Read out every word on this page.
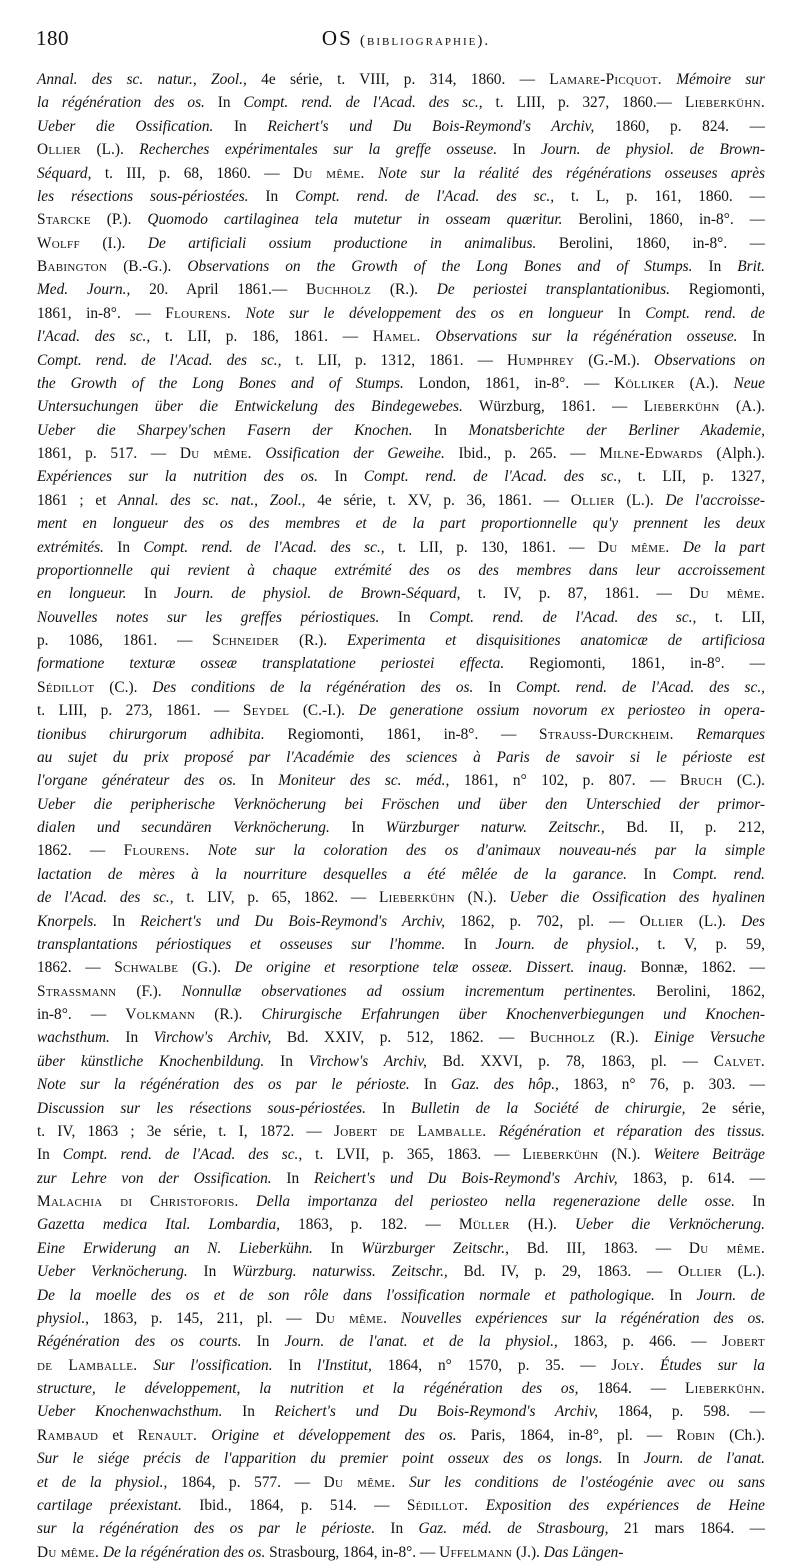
180	OS (bibliographie).
Annal. des sc. natur., Zool., 4e série, t. VIII, p. 314, 1860. — Lamare-Picquot. Mémoire sur
la régénération des os. In Compt. rend. de l'Acad. des sc., t. LIII, p. 327, 1860.— Lieberkühn.
Ueber die Ossification. In Reichert's und Du Bois-Reymond's Archiv, 1860, p. 824. —
Ollier (L.). Recherches expérimentales sur la greffe osseuse. In Journ. de physiol. de Brown-
Séquard, t. III, p. 68, 1860. — Du même. Note sur la réalité des régénérations osseuses après
les résections sous-périostées. In Compt. rend. de l'Acad. des sc., t. L, p. 161, 1860. —
Starcke (P.). Quomodo cartilaginea tela mutetur in osseam quæritur. Berolini, 1860, in-8°. —
Wolff (I.). De artificiali ossium productione in animalibus. Berolini, 1860, in-8°. —
Babington (B.-G.). Observations on the Growth of the Long Bones and of Stumps. In Brit.
Med. Journ., 20. April 1861.— Buchholz (R.). De periostei transplantationibus. Regiomonti,
1861, in-8°. — Flourens. Note sur le développement des os en longueur In Compt. rend. de
l'Acad. des sc., t. LII, p. 186, 1861. — Hamel. Observations sur la régénération osseuse. In
Compt. rend. de l'Acad. des sc., t. LII, p. 1312, 1861. — Humphrey (G.-M.). Observations on
the Growth of the Long Bones and of Stumps. London, 1861, in-8°. — Kölliker (A.). Neue
Untersuchungen über die Entwickelung des Bindegewebes. Würzburg, 1861. — Lieberkühn (A.).
Ueber die Sharpey'schen Fasern der Knochen. In Monatsberichte der Berliner Akademie,
1861, p. 517. — Du même. Ossification der Geweihe. Ibid., p. 265. — Milne-Edwards (Alph.).
Expériences sur la nutrition des os. In Compt. rend. de l'Acad. des sc., t. LII, p. 1327,
1861 ; et Annal. des sc. nat., Zool., 4e série, t. XV, p. 36, 1861. — Ollier (L.). De l'accroisse-
ment en longueur des os des membres et de la part proportionnelle qu'y prennent les deux
extrémités. In Compt. rend. de l'Acad. des sc., t. LII, p. 130, 1861. — Du même. De la part
proportionnelle qui revient à chaque extrémité des os des membres dans leur accroissement
en longueur. In Journ. de physiol. de Brown-Séquard, t. IV, p. 87, 1861. — Du même.
Nouvelles notes sur les greffes périostiques. In Compt. rend. de l'Acad. des sc., t. LII,
p. 1086, 1861. — Schneider (R.). Experimenta et disquisitiones anatomicæ de artificiosa
formatione texturæ osseæ transplatatione periostei effecta. Regiomonti, 1861, in-8°. —
Sédillot (C.). Des conditions de la régénération des os. In Compt. rend. de l'Acad. des sc.,
t. LIII, p. 273, 1861. — Seydel (C.-I.). De generatione ossium novorum ex periosteo in opera-
tionibus chirurgorum adhibita. Regiomonti, 1861, in-8°. — Strauss-Durckheim. Remarques
au sujet du prix proposé par l'Académie des sciences à Paris de savoir si le périoste est
l'organe générateur des os. In Moniteur des sc. méd., 1861, n° 102, p. 807. — Bruch (C.).
Ueber die peripherische Verknöcherung bei Fröschen und über den Unterschied der primor-
dialen und secundären Verknöcherung. In Würzburger naturw. Zeitschr., Bd. II, p. 212,
1862. — Flourens. Note sur la coloration des os d'animaux nouveau-nés par la simple
lactation de mères à la nourriture desquelles a été mêlée de la garance. In Compt. rend.
de l'Acad. des sc., t. LIV, p. 65, 1862. — Lieberkühn (N.). Ueber die Ossification des hyalinen
Knorpels. In Reichert's und Du Bois-Reymond's Archiv, 1862, p. 702, pl. — Ollier (L.). Des
transplantations périostiques et osseuses sur l'homme. In Journ. de physiol., t. V, p. 59,
1862. — Schwalbe (G.). De origine et resorptione telæ osseæ. Dissert. inaug. Bonnæ, 1862. —
Strassmann (F.). Nonnullæ observationes ad ossium incrementum pertinentes. Berolini, 1862,
in-8°. — Volkmann (R.). Chirurgische Erfahrungen über Knochenverbiegungen und Knochen-
wachsthum. In Virchow's Archiv, Bd. XXIV, p. 512, 1862. — Buchholz (R.). Einige Versuche
über künstliche Knochenbildung. In Virchow's Archiv, Bd. XXVI, p. 78, 1863, pl. — Calvet.
Note sur la régénération des os par le périoste. In Gaz. des hôp., 1863, n° 76, p. 303. —
Discussion sur les résections sous-périostées. In Bulletin de la Société de chirurgie, 2e série,
t. IV, 1863 ; 3e série, t. I, 1872. — Jobert de Lamballe. Régénération et réparation des tissus.
In Compt. rend. de l'Acad. des sc., t. LVII, p. 365, 1863. — Lieberkühn (N.). Weitere Beiträge
zur Lehre von der Ossification. In Reichert's und Du Bois-Reymond's Archiv, 1863, p. 614. —
Malachia di Christoforis. Della importanza del periosteo nella regenerazione delle osse. In
Gazetta medica Ital. Lombardia, 1863, p. 182. — Müller (H.). Ueber die Verknöcherung.
Eine Erwiderung an N. Lieberkühn. In Würzburger Zeitschr., Bd. III, 1863. — Du même.
Ueber Verknöcherung. In Würzburg. naturwiss. Zeitschr., Bd. IV, p. 29, 1863. — Ollier (L.).
De la moelle des os et de son rôle dans l'ossification normale et pathologique. In Journ. de
physiol., 1863, p. 145, 211, pl. — Du même. Nouvelles expériences sur la régénération des os.
Régénération des os courts. In Journ. de l'anat. et de la physiol., 1863, p. 466. — Jobert
de Lamballe. Sur l'ossification. In l'Institut, 1864, n° 1570, p. 35. — Joly. Études sur la
structure, le développement, la nutrition et la régénération des os, 1864. — Lieberkühn.
Ueber Knochenwachsthum. In Reichert's und Du Bois-Reymond's Archiv, 1864, p. 598. —
Rambaud et Renault. Origine et développement des os. Paris, 1864, in-8°, pl. — Robin (Ch.).
Sur le siége précis de l'apparition du premier point osseux des os longs. In Journ. de l'anat.
et de la physiol., 1864, p. 577. — Du même. Sur les conditions de l'ostéogénie avec ou sans
cartilage préexistant. Ibid., 1864, p. 514. — Sédillot. Exposition des expériences de Heine
sur la régénération des os par le périoste. In Gaz. méd. de Strasbourg, 21 mars 1864. —
Du même. De la régénération des os. Strasbourg, 1864, in-8°. — Uffelmann (J.). Das Längen-
